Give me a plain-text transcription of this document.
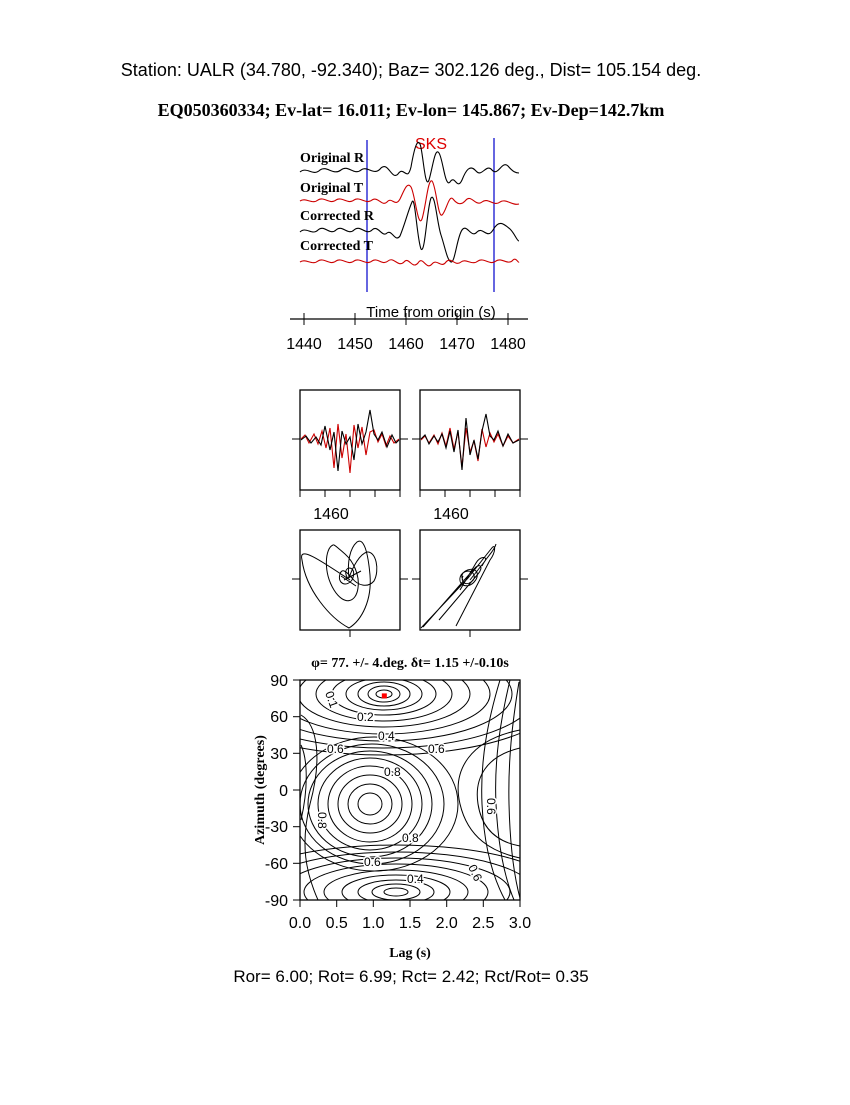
Station: UALR (34.780, -92.340); Baz= 302.126 deg., Dist= 105.154 deg.
EQ050360334; Ev-lat= 16.011; Ev-lon= 145.867; Ev-Dep=142.7km
SKS
Original R
Original T
Corrected R
Corrected T
Time from origin (s)
1440 1450 1460 1470 1480
1460	1460
φ= 77. +/- 4.deg. δt= 1.15 +/-0.10s
0.2
0.4
0.6	0.6
0.8
0.8
0.6
0.4
0.1
0.6
0.6
0.8
90
60
30
0
-30
-60
-90
0.0 0.5 1.0 1.5 2.0 2.5 3.0
Lag (s)
Azimuth (degrees)
Ror= 6.00; Rot= 6.99; Rct= 2.42; Rct/Rot= 0.35
